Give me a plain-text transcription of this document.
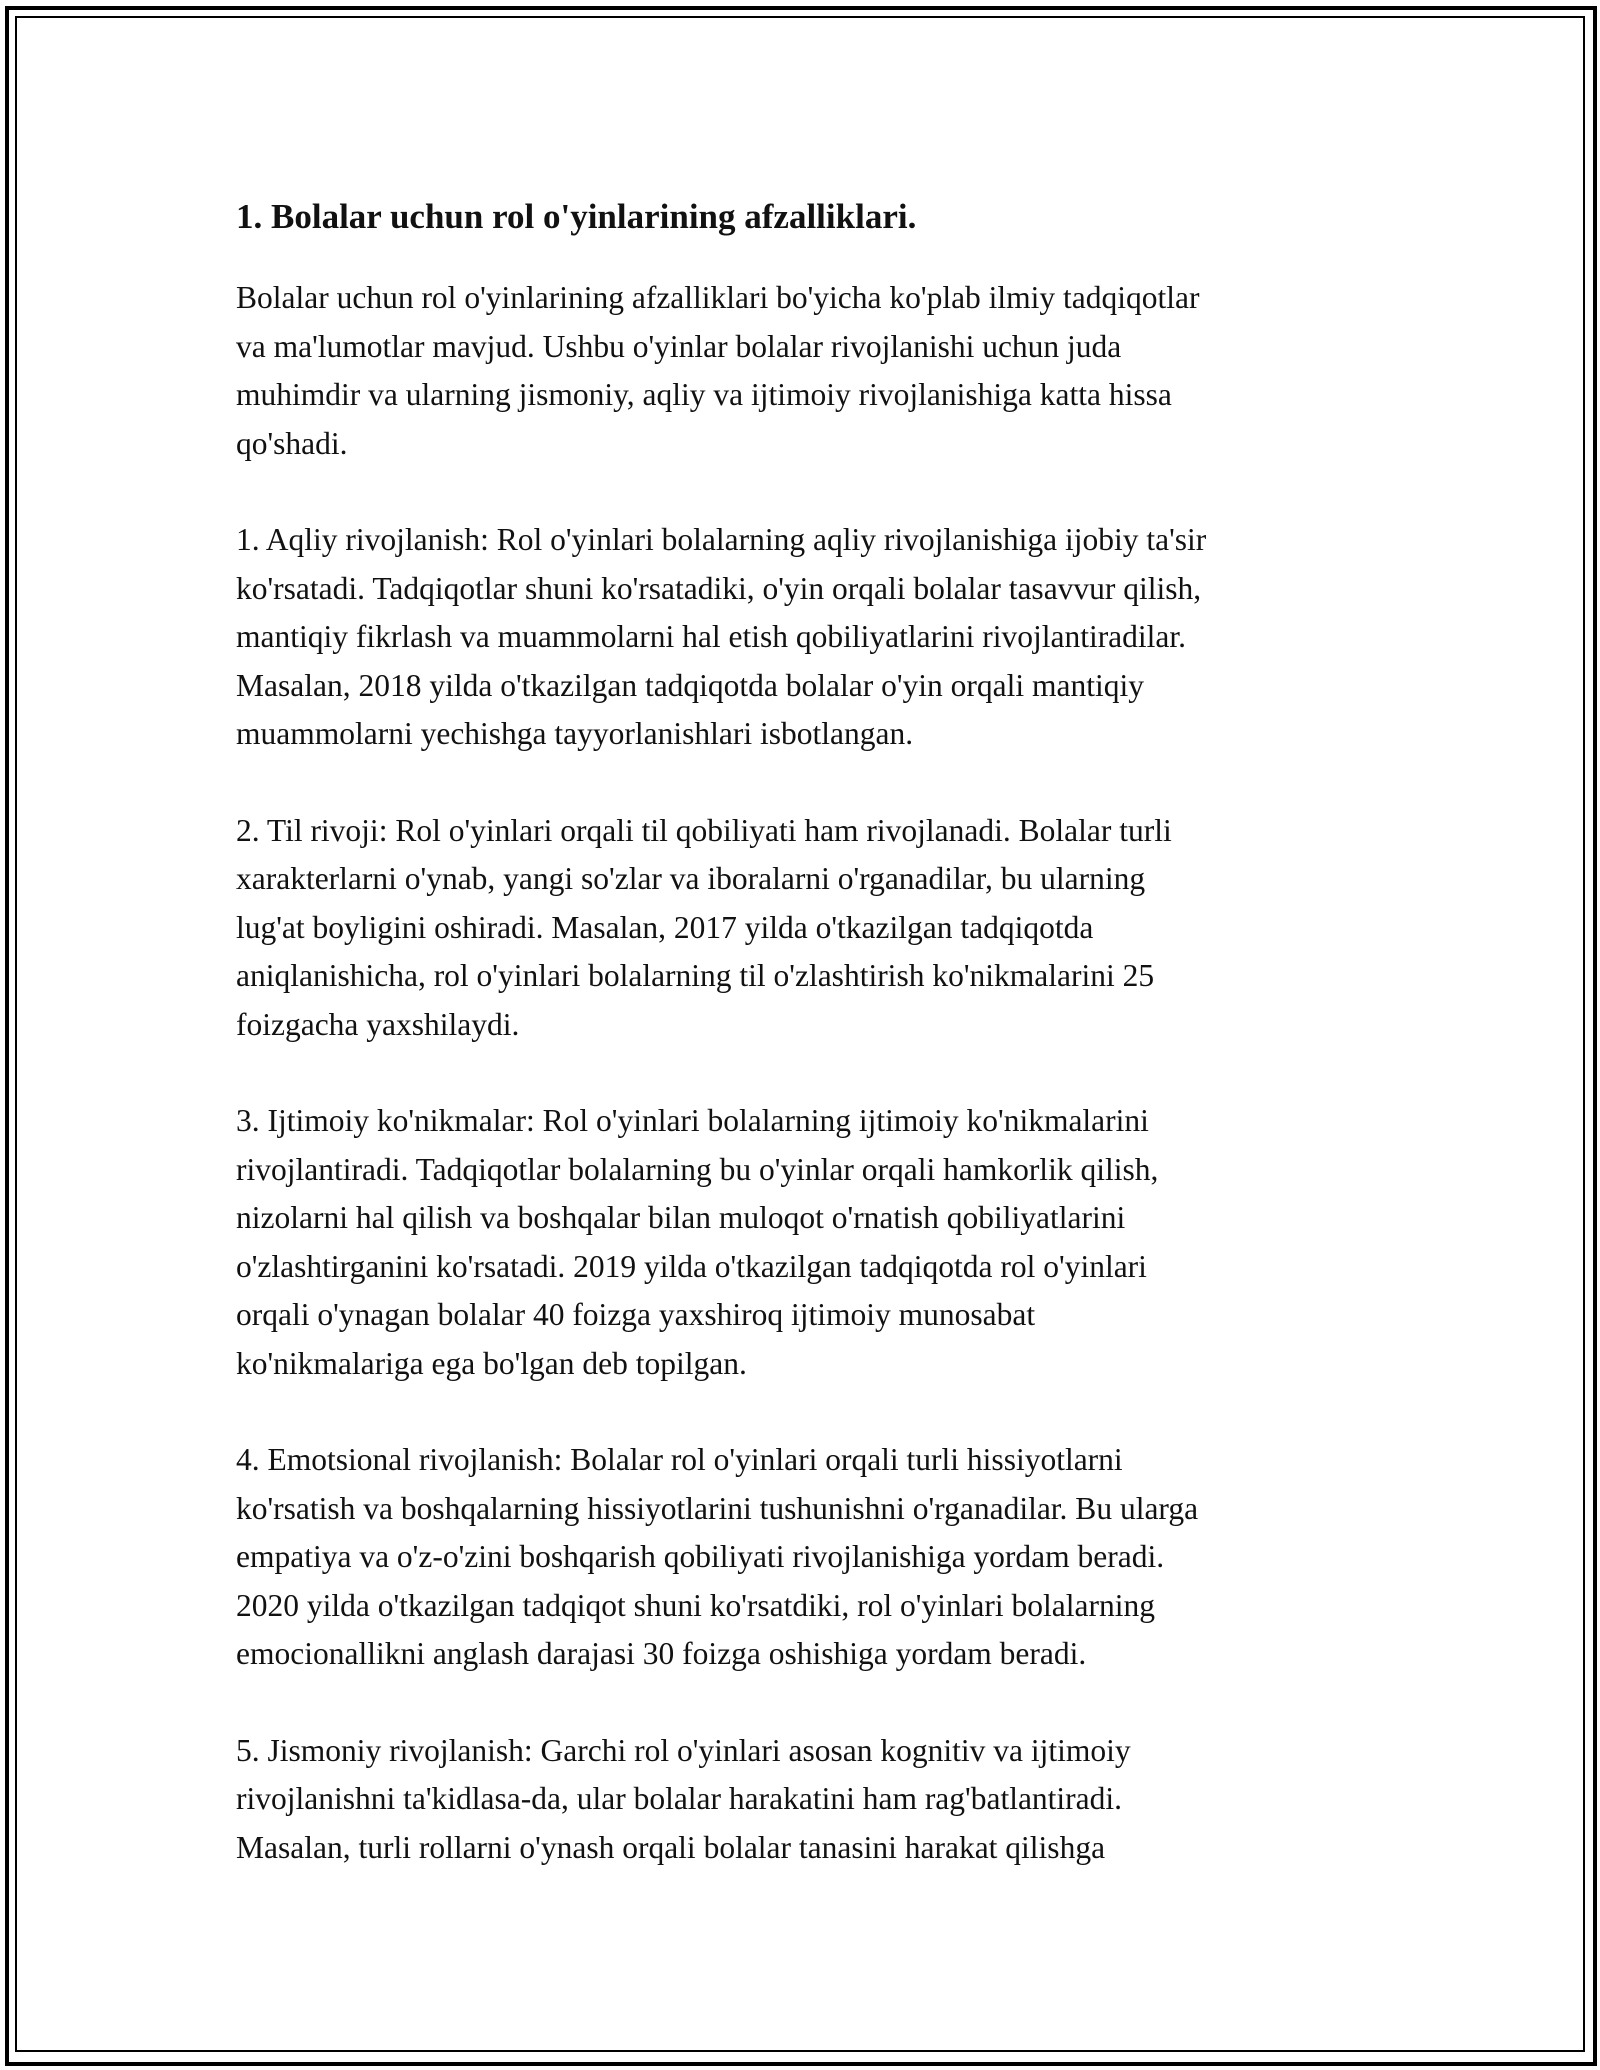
1. Bolalar uchun rol o'yinlarining afzalliklari.

Bolalar uchun rol o'yinlarining afzalliklari bo'yicha ko'plab ilmiy tadqiqotlar
va ma'lumotlar mavjud. Ushbu o'yinlar bolalar rivojlanishi uchun juda
muhimdir va ularning jismoniy, aqliy va ijtimoiy rivojlanishiga katta hissa
qo'shadi.

1. Aqliy rivojlanish: Rol o'yinlari bolalarning aqliy rivojlanishiga ijobiy ta'sir
ko'rsatadi. Tadqiqotlar shuni ko'rsatadiki, o'yin orqali bolalar tasavvur qilish,
mantiqiy fikrlash va muammolarni hal etish qobiliyatlarini rivojlantiradilar.
Masalan, 2018 yilda o'tkazilgan tadqiqotda bolalar o'yin orqali mantiqiy
muammolarni yechishga tayyorlanishlari isbotlangan.

2. Til rivoji: Rol o'yinlari orqali til qobiliyati ham rivojlanadi. Bolalar turli
xarakterlarni o'ynab, yangi so'zlar va iboralarni o'rganadilar, bu ularning
lug'at boyligini oshiradi. Masalan, 2017 yilda o'tkazilgan tadqiqotda
aniqlanishicha, rol o'yinlari bolalarning til o'zlashtirish ko'nikmalarini 25
foizgacha yaxshilaydi.

3. Ijtimoiy ko'nikmalar: Rol o'yinlari bolalarning ijtimoiy ko'nikmalarini
rivojlantiradi. Tadqiqotlar bolalarning bu o'yinlar orqali hamkorlik qilish,
nizolarni hal qilish va boshqalar bilan muloqot o'rnatish qobiliyatlarini
o'zlashtirganini ko'rsatadi. 2019 yilda o'tkazilgan tadqiqotda rol o'yinlari
orqali o'ynagan bolalar 40 foizga yaxshiroq ijtimoiy munosabat
ko'nikmalariga ega bo'lgan deb topilgan.

4. Emotsional rivojlanish: Bolalar rol o'yinlari orqali turli hissiyotlarni
ko'rsatish va boshqalarning hissiyotlarini tushunishni o'rganadilar. Bu ularga
empatiya va o'z-o'zini boshqarish qobiliyati rivojlanishiga yordam beradi.
2020 yilda o'tkazilgan tadqiqot shuni ko'rsatdiki, rol o'yinlari bolalarning
emocionallikni anglash darajasi 30 foizga oshishiga yordam beradi.

5. Jismoniy rivojlanish: Garchi rol o'yinlari asosan kognitiv va ijtimoiy
rivojlanishni ta'kidlasa-da, ular bolalar harakatini ham rag'batlantiradi.
Masalan, turli rollarni o'ynash orqali bolalar tanasini harakat qilishga
